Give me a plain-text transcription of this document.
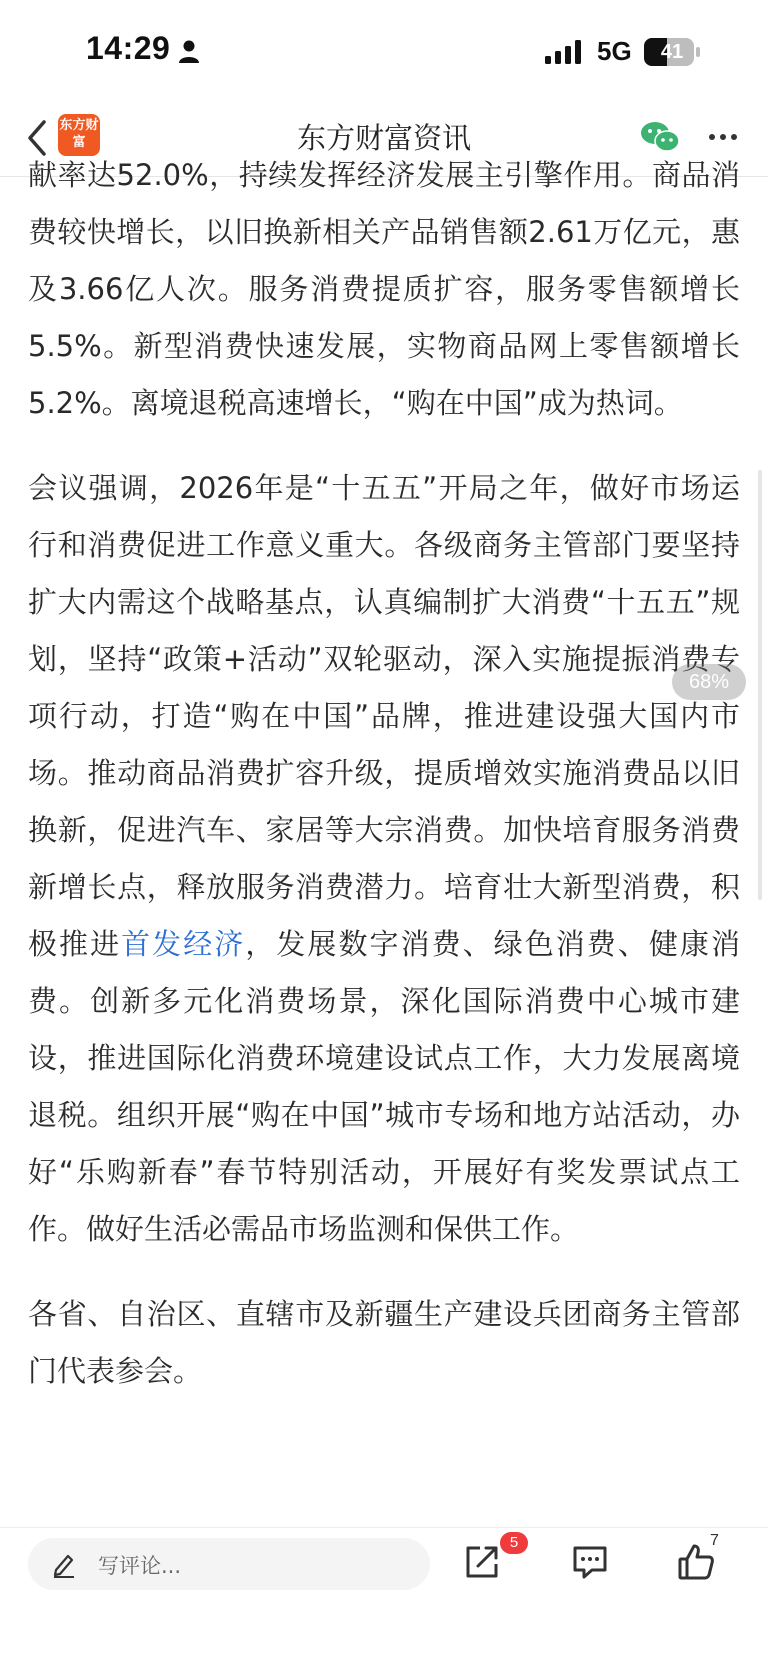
14:29	5G	41
东方财富	东方财富资讯

献率达52.0%，持续发挥经济发展主引擎作用。商品消费较快增长，以旧换新相关产品销售额2.61万亿元，惠及3.66亿人次。服务消费提质扩容，服务零售额增长5.5%。新型消费快速发展，实物商品网上零售额增长5.2%。离境退税高速增长，“购在中国”成为热词。

会议强调，2026年是“十五五”开局之年，做好市场运行和消费促进工作意义重大。各级商务主管部门要坚持扩大内需这个战略基点，认真编制扩大消费“十五五”规划，坚持“政策+活动”双轮驱动，深入实施提振消费专项行动，打造“购在中国”品牌，推进建设强大国内市场。推动商品消费扩容升级，提质增效实施消费品以旧换新，促进汽车、家居等大宗消费。加快培育服务消费新增长点，释放服务消费潜力。培育壮大新型消费，积极推进首发经济，发展数字消费、绿色消费、健康消费。创新多元化消费场景，深化国际消费中心城市建设，推进国际化消费环境建设试点工作，大力发展离境退税。组织开展“购在中国”城市专场和地方站活动，办好“乐购新春”春节特别活动，开展好有奖发票试点工作。做好生活必需品市场监测和保供工作。

各省、自治区、直辖市及新疆生产建设兵团商务主管部门代表参会。

68%
写评论...
5	7
